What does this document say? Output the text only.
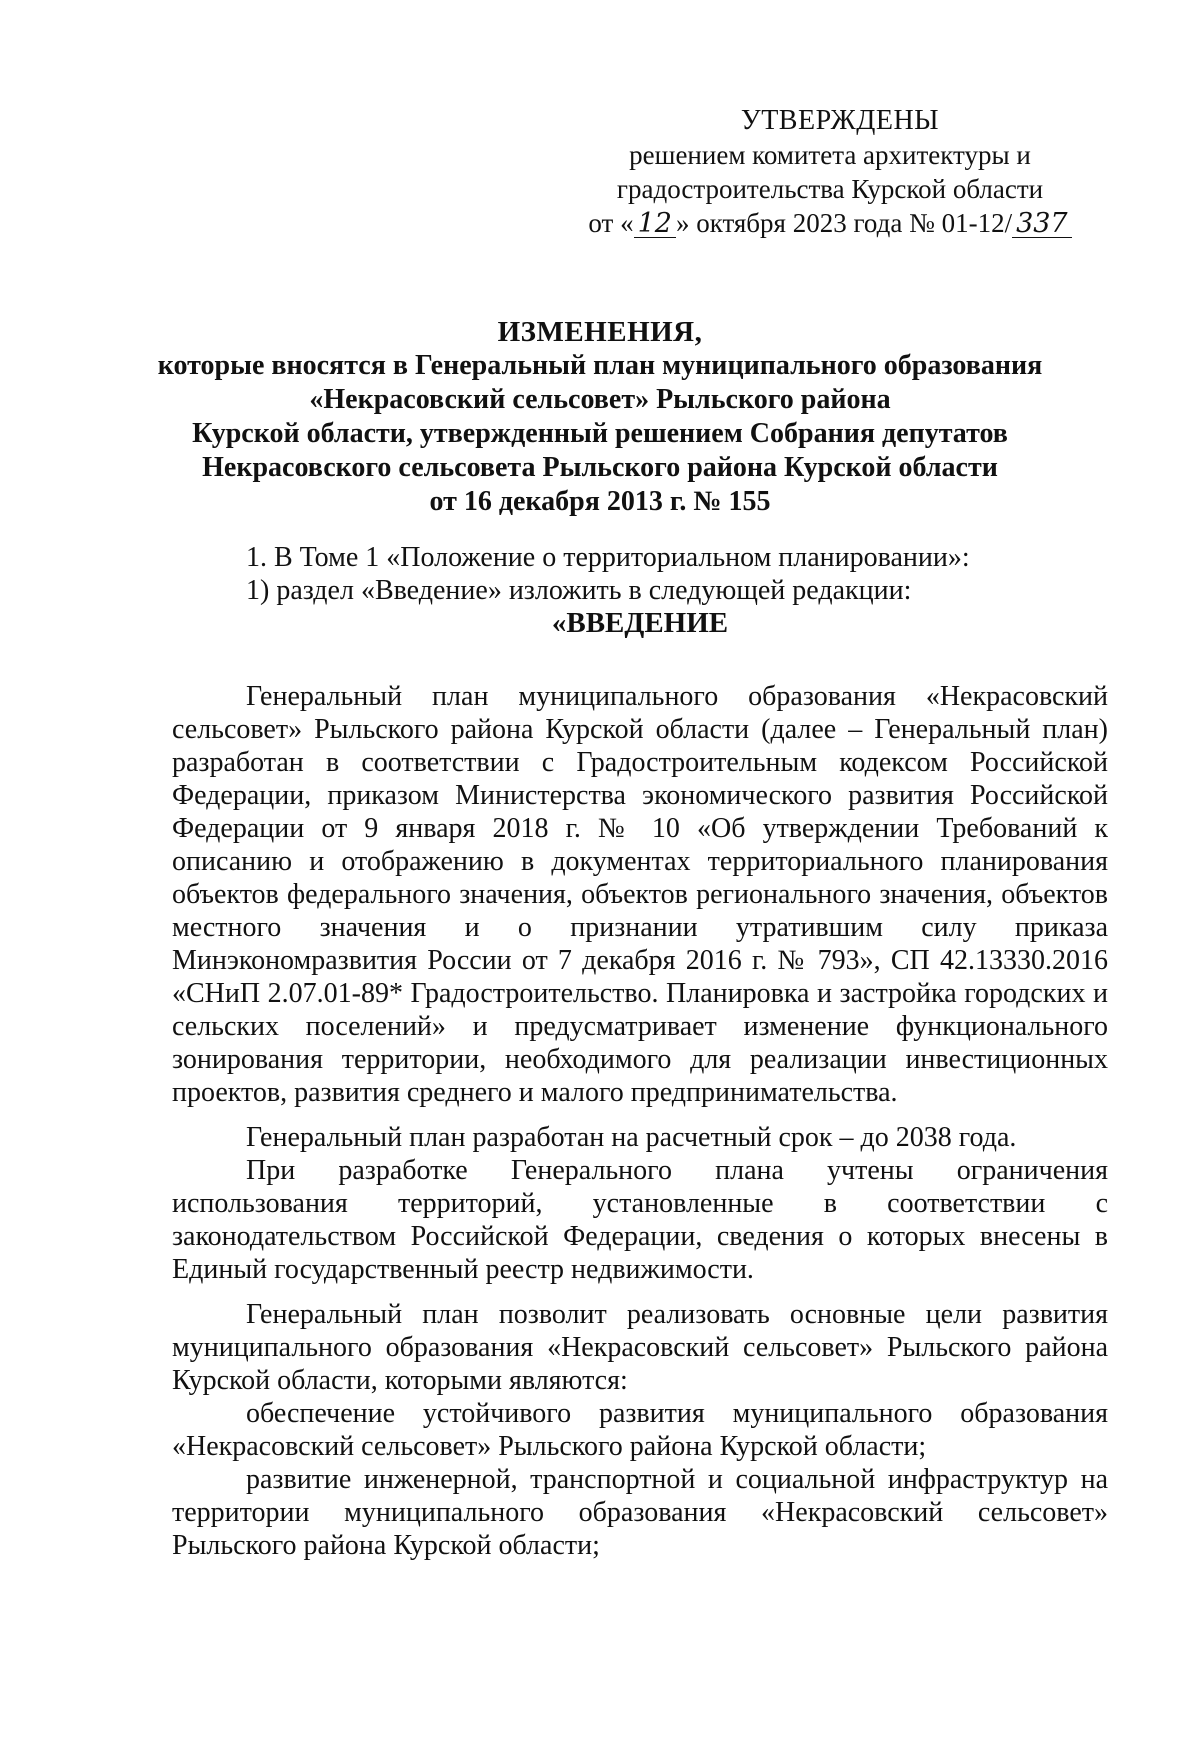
УТВЕРЖДЕНЫ
решением комитета архитектуры и
градостроительства Курской области
от « 12 » октября 2023 года № 01-12/ 337
ИЗМЕНЕНИЯ,
которые вносятся в Генеральный план муниципального образования
«Некрасовский сельсовет» Рыльского района
Курской области, утвержденный решением Собрания депутатов
Некрасовского сельсовета Рыльского района Курской области
от 16 декабря 2013 г. № 155

1. В Томе 1 «Положение о территориальном планировании»:

1) раздел «Введение» изложить в следующей редакции:

«ВВЕДЕНИЕ

Генеральный план муниципального образования «Некрасовский сельсовет» Рыльского района Курской области (далее – Генеральный план) разработан в соответствии с Градостроительным кодексом Российской Федерации, приказом Министерства экономического развития Российской Федерации от 9 января 2018 г. № 10 «Об утверждении Требований к описанию и отображению в документах территориального планирования объектов федерального значения, объектов регионального значения, объектов местного значения и о признании утратившим силу приказа Минэкономразвития России от 7 декабря 2016 г. № 793», СП 42.13330.2016 «СНиП 2.07.01-89* Градостроительство. Планировка и застройка городских и сельских поселений» и предусматривает изменение функционального зонирования территории, необходимого для реализации инвестиционных проектов, развития среднего и малого предпринимательства.

Генеральный план разработан на расчетный срок – до 2038 года.

При разработке Генерального плана учтены ограничения использования территорий, установленные в соответствии с законодательством Российской Федерации, сведения о которых внесены в Единый государственный реестр недвижимости.

Генеральный план позволит реализовать основные цели развития муниципального образования «Некрасовский сельсовет» Рыльского района Курской области, которыми являются:

обеспечение устойчивого развития муниципального образования «Некрасовский сельсовет» Рыльского района Курской области;

развитие инженерной, транспортной и социальной инфраструктур на территории муниципального образования «Некрасовский сельсовет» Рыльского района Курской области;
